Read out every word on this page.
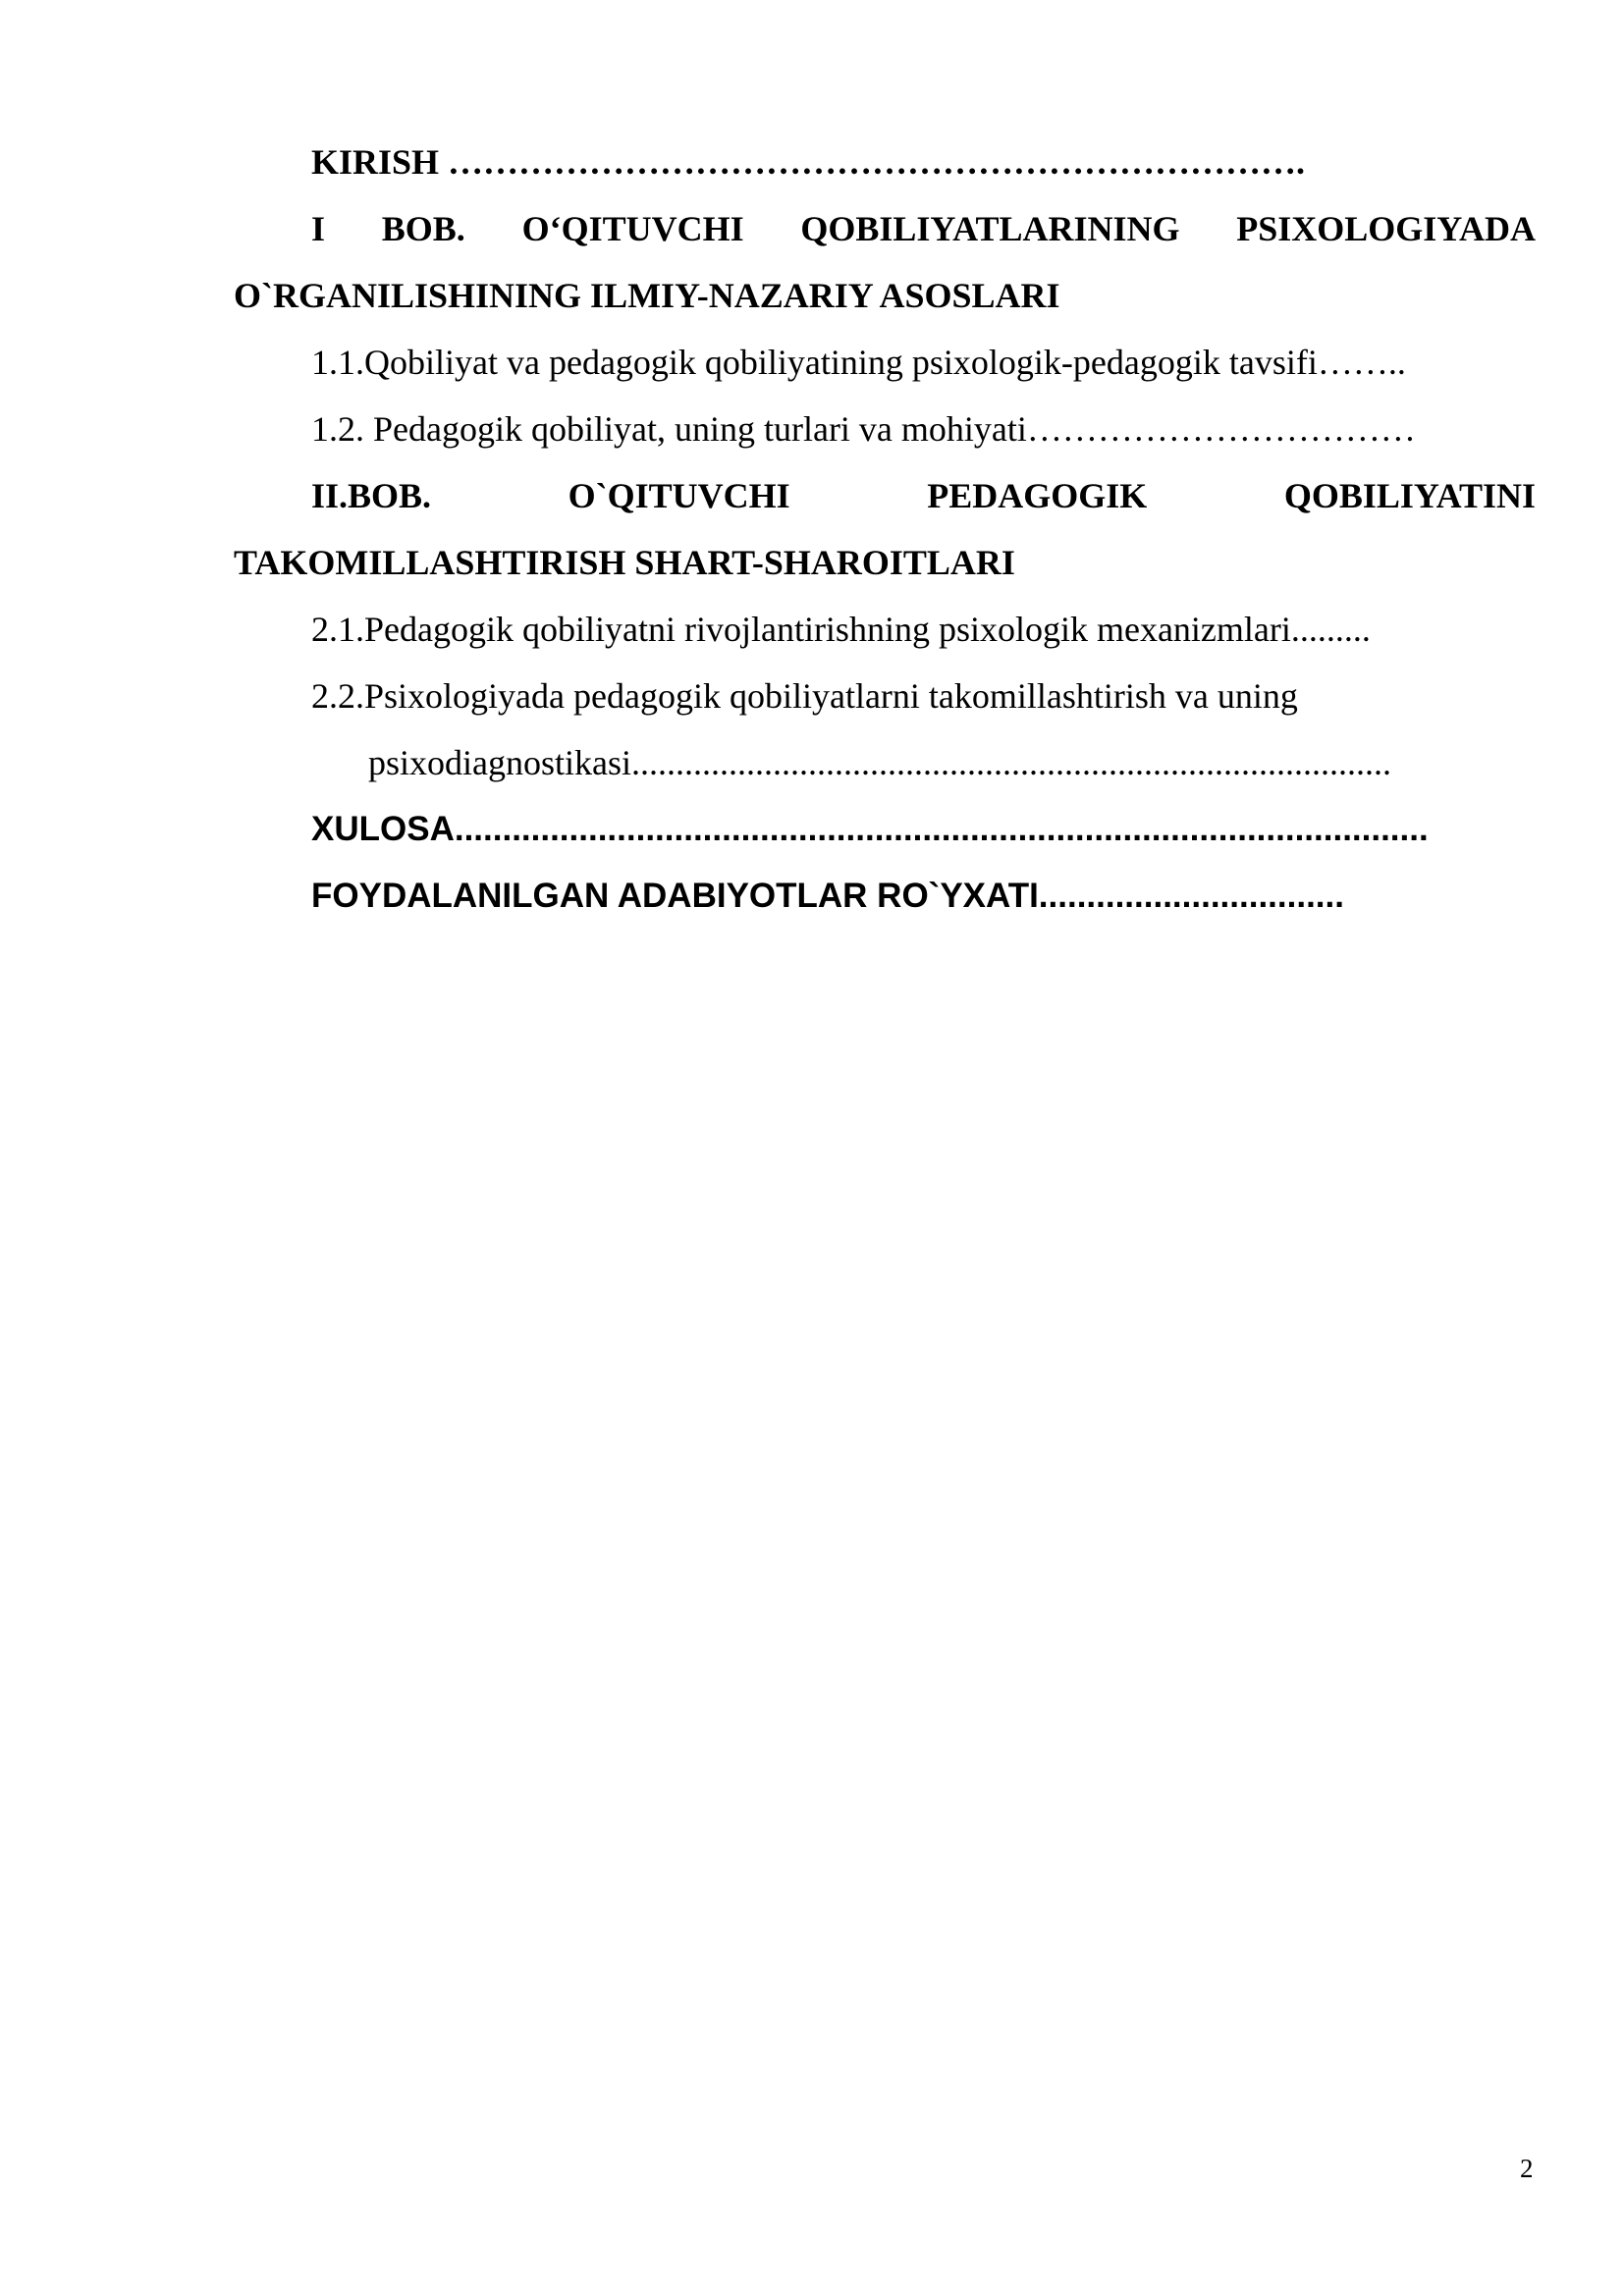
KIRISH ……………………………………………………………….
I BOB. O‘QITUVCHI QOBILIYATLARINING PSIXOLOGIYADA
O`RGANILISHINING ILMIY-NAZARIY ASOSLARI
1.1.Qobiliyat va pedagogik qobiliyatining psixologik-pedagogik tavsifi……..
1.2. Pedagogik qobiliyat, uning turlari va mohiyati……………………………
II.BOB.	O`QITUVCHI	PEDAGOGIK	QOBILIYATINI
TAKOMILLASHTIRISH SHART-SHAROITLARI
2.1.Pedagogik qobiliyatni rivojlantirishning psixologik mexanizmlari.........
2.2.Psixologiyada pedagogik qobiliyatlarni takomillashtirish va uning
psixodiagnostikasi......................................................................................
XULOSA......................................................................................................
FOYDALANILGAN ADABIYOTLAR RO`YXATI................................
2
